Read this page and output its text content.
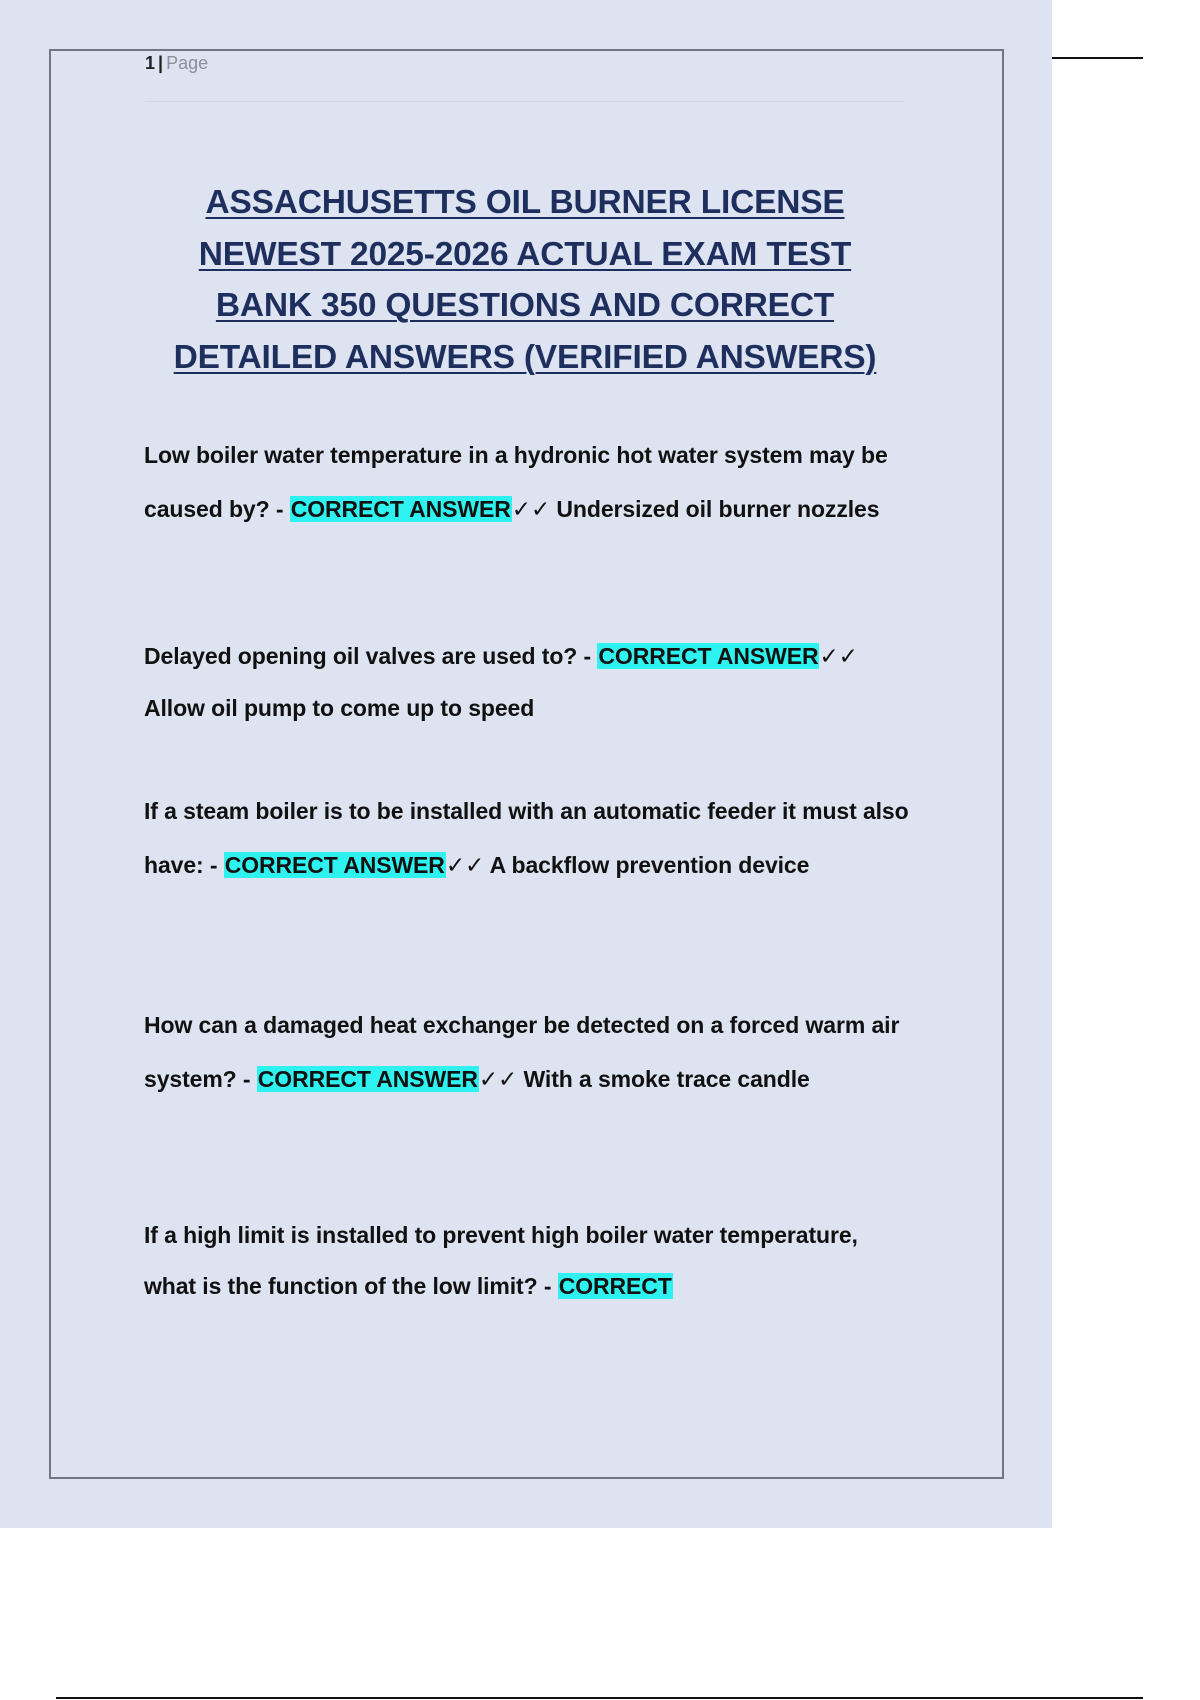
1 | Page
ASSACHUSETTS OIL BURNER LICENSE NEWEST 2025-2026 ACTUAL EXAM TEST BANK 350 QUESTIONS AND CORRECT DETAILED ANSWERS (VERIFIED ANSWERS)

Low boiler water temperature in a hydronic hot water system may be caused by? - CORRECT ANSWER✓✓ Undersized oil burner nozzles

Delayed opening oil valves are used to? - CORRECT ANSWER✓✓ Allow oil pump to come up to speed

If a steam boiler is to be installed with an automatic feeder it must also have: - CORRECT ANSWER✓✓ A backflow prevention device

How can a damaged heat exchanger be detected on a forced warm air system? - CORRECT ANSWER✓✓ With a smoke trace candle

If a high limit is installed to prevent high boiler water temperature, what is the function of the low limit? - CORRECT
